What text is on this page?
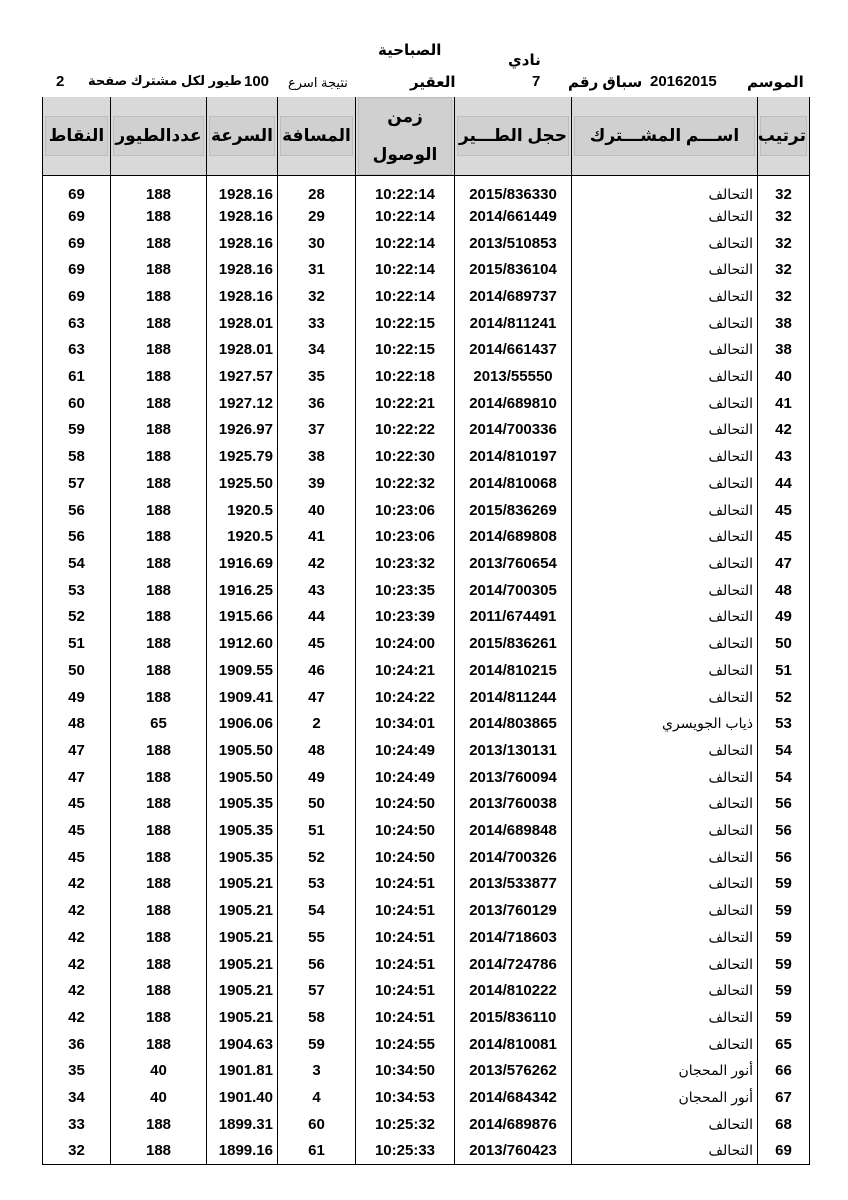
الصباحية
نادي
الموسم
20162015
سباق رقم
7
العقير
نتيجة اسرع
100
طيور لكل مشترك صفحة
2
ترتيب	اســـم المشـــترك	حجل الطـــير	زمن الوصول	المسافة	السرعة	عددالطيور	النقاط

32	التحالف	2015/836330	10:22:14	28	1928.16	188	69
32	التحالف	2014/661449	10:22:14	29	1928.16	188	69
32	التحالف	2013/510853	10:22:14	30	1928.16	188	69
32	التحالف	2015/836104	10:22:14	31	1928.16	188	69
32	التحالف	2014/689737	10:22:14	32	1928.16	188	69
38	التحالف	2014/811241	10:22:15	33	1928.01	188	63
38	التحالف	2014/661437	10:22:15	34	1928.01	188	63
40	التحالف	2013/55550	10:22:18	35	1927.57	188	61
41	التحالف	2014/689810	10:22:21	36	1927.12	188	60
42	التحالف	2014/700336	10:22:22	37	1926.97	188	59
43	التحالف	2014/810197	10:22:30	38	1925.79	188	58
44	التحالف	2014/810068	10:22:32	39	1925.50	188	57
45	التحالف	2015/836269	10:23:06	40	1920.5	188	56
45	التحالف	2014/689808	10:23:06	41	1920.5	188	56
47	التحالف	2013/760654	10:23:32	42	1916.69	188	54
48	التحالف	2014/700305	10:23:35	43	1916.25	188	53
49	التحالف	2011/674491	10:23:39	44	1915.66	188	52
50	التحالف	2015/836261	10:24:00	45	1912.60	188	51
51	التحالف	2014/810215	10:24:21	46	1909.55	188	50
52	التحالف	2014/811244	10:24:22	47	1909.41	188	49
53	ذياب الجويسري	2014/803865	10:34:01	2	1906.06	65	48
54	التحالف	2013/130131	10:24:49	48	1905.50	188	47
54	التحالف	2013/760094	10:24:49	49	1905.50	188	47
56	التحالف	2013/760038	10:24:50	50	1905.35	188	45
56	التحالف	2014/689848	10:24:50	51	1905.35	188	45
56	التحالف	2014/700326	10:24:50	52	1905.35	188	45
59	التحالف	2013/533877	10:24:51	53	1905.21	188	42
59	التحالف	2013/760129	10:24:51	54	1905.21	188	42
59	التحالف	2014/718603	10:24:51	55	1905.21	188	42
59	التحالف	2014/724786	10:24:51	56	1905.21	188	42
59	التحالف	2014/810222	10:24:51	57	1905.21	188	42
59	التحالف	2015/836110	10:24:51	58	1905.21	188	42
65	التحالف	2014/810081	10:24:55	59	1904.63	188	36
66	أنور المحجان	2013/576262	10:34:50	3	1901.81	40	35
67	أنور المحجان	2014/684342	10:34:53	4	1901.40	40	34
68	التحالف	2014/689876	10:25:32	60	1899.31	188	33
69	التحالف	2013/760423	10:25:33	61	1899.16	188	32
